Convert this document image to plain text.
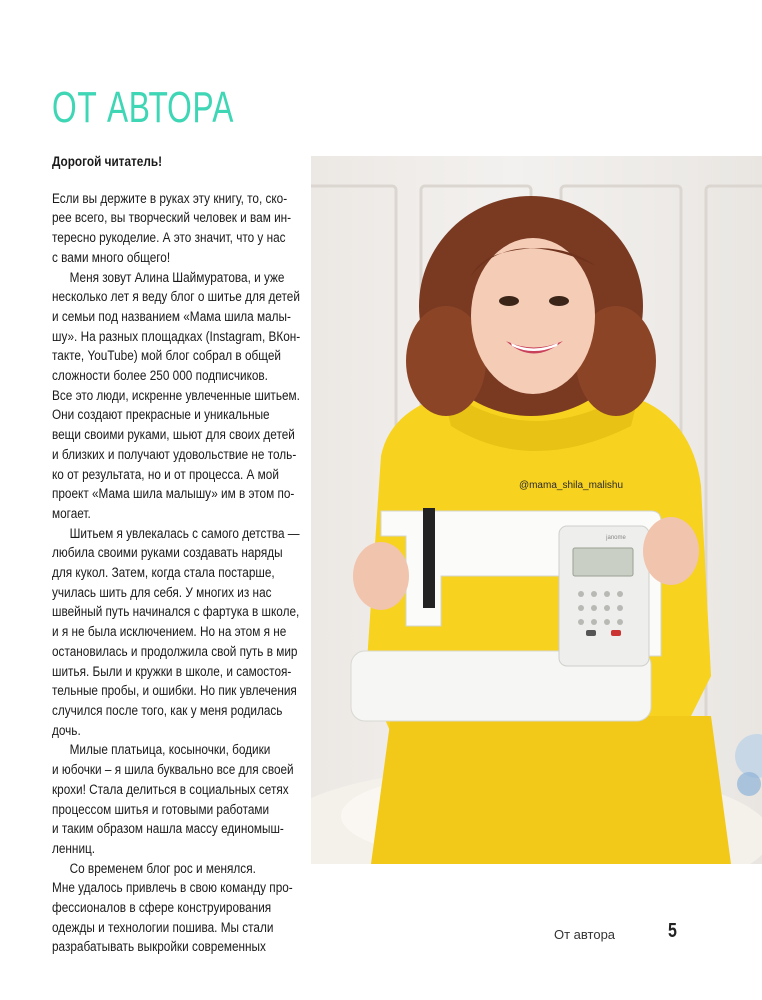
ОТ АВТОРА
Дорогой читатель!
Если вы держите в руках эту книгу, то, ско-
рее всего, вы творческий человек и вам ин-
тересно рукоделие. А это значит, что у нас
с вами много общего!
Меня зовут Алина Шаймуратова, и уже
несколько лет я веду блог о шитье для детей
и семьи под названием «Мама шила малы-
шу». На разных площадках (Instagram, ВКон-
такте, YouTube) мой блог собрал в общей
сложности более 250 000 подписчиков.
Все это люди, искренне увлеченные шитьем.
Они создают прекрасные и уникальные
вещи своими руками, шьют для своих детей
и близких и получают удовольствие не толь-
ко от результата, но и от процесса. А мой
проект «Мама шила малышу» им в этом по-
могает.
Шитьем я увлекалась с самого детства —
любила своими руками создавать наряды
для кукол. Затем, когда стала постарше,
училась шить для себя. У многих из нас
швейный путь начинался с фартука в школе,
и я не была исключением. Но на этом я не
остановилась и продолжила свой путь в мир
шитья. Были и кружки в школе, и самостоя-
тельные пробы, и ошибки. Но пик увлечения
случился после того, как у меня родилась
дочь.
Милые платьица, косыночки, бодики
и юбочки – я шила буквально все для своей
крохи! Стала делиться в социальных сетях
процессом шитья и готовыми работами
и таким образом нашла массу единомыш-
ленниц.
Со временем блог рос и менялся.
Мне удалось привлечь в свою команду про-
фессионалов в сфере конструирования
одежды и технологии пошива. Мы стали
разрабатывать выкройки современных
@mama_shila_malishu
janome
От автора	5
